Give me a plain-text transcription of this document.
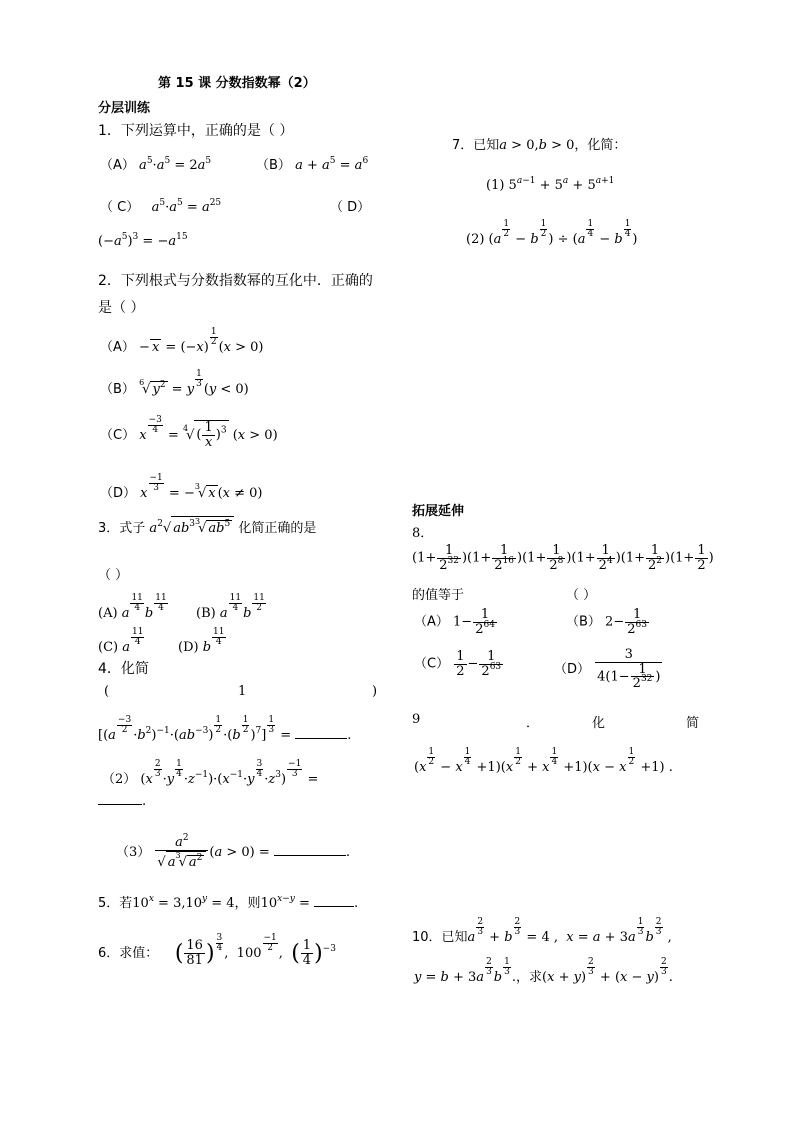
第 15 课 分数指数幂（2）
分层训练
1．下列运算中，正确的是（ ）
（A） $a^5\cdot a^5 = 2a^5$	（B） $a + a^5 = a^6$
（ C） $a^5\cdot a^5 = a^{25}$	（ D）
$(-a^5)^3 = -a^{15}$
2．下列根式与分数指数幂的互化中．正确的
是（ ）
（A） − x = (−x)
$\frac{1}{2}$
(x > 0)
（B） $^6$√ $y^2 = y$
$\frac{1}{3}$
(y < 0)
（C） x
$\frac{-3}{4}$
= $^4$√ ( $\frac{1}{x} )^3$ (x > 0)
（D） x
$\frac{-1}{3}$
= −$^3$√ x (x ≠ 0)
3．式子 $a^2√$ $ab^{33}√$ $ab^5$ 化简正确的是
（ ）
(A) a
$\frac{11}{4}$
b
$\frac{11}{4}$
(B) a
$\frac{11}{4}$
b
$\frac{11}{2}$
(C) a
$\frac{11}{4}$
(D) b
$\frac{11}{4}$
4．化简
(	1	)
[(a
$\frac{-3}{2}$
$\cdot b^2)^{-1}\cdot(ab^{-3})$
$\frac{1}{2}$
·(b
$\frac{1}{2}$
)$^7$]
$\frac{1}{3}$
=	.
（2） (x
$\frac{2}{3}$
·y
$\frac{1}{4}$
$\cdot z^{-1})\cdot(x^{-1}\cdot y$
$\frac{3}{4}$
$\cdot z^3$)
$\frac{-1}{3}$
=
.
$(3) \frac{a^2}{√ a^3√ a^2} (a > 0)$ =	.
5．若$10^x = 3,10^y = 4$，则$10^{x-y}$ =	.
6．求值： ( $\frac{16}{81}$ ) $\frac{3}{4}$
,  100
$\frac{-1}{2}$
,  ( $\frac{1}{4} )^{-3}$
7．已知a > 0,b > 0，化简：
(1) $5^{a-1} + 5^a + 5^{a+1}$
(2) (a
$\frac{1}{2}$
− b
$\frac{1}{2}$
) ÷ (a
$\frac{1}{4}$
− b
$\frac{1}{4}$
)
拓展延伸
8．
$(1+ \frac{1}{2^{32}} )(1+ \frac{1}{2^{16}} )(1+ \frac{1}{2^8} )(1+ \frac{1}{2^4} )(1+ \frac{1}{2^2} )(1+ \frac{1}{2}$ )
的值等于	（ ）
（A） $1- \frac{1}{2^{64}}$	（B） $2- \frac{1}{2^{63}}$
$(C) \frac{1}{2} - \frac{1}{2^{63}}$	$(D) \frac{3}{4(1- \frac{1}{2^{32}} )}$
9	．	化	简
(x
$\frac{1}{2}$
− x
$\frac{1}{4}$
+1)(x
$\frac{1}{2}$
+ x
$\frac{1}{4}$
+1)(x − x
$\frac{1}{2}$
+1) .
10．已知a
$\frac{2}{3}$
+ b
$\frac{2}{3}$
= 4 ,  x = a + 3a
$\frac{1}{3}$
b
$\frac{2}{3}$
,
y = b + 3a
$\frac{2}{3}$
b
$\frac{1}{3}$
.，求(x + y)
$\frac{2}{3}$
+ (x − y)
$\frac{2}{3}$
.
